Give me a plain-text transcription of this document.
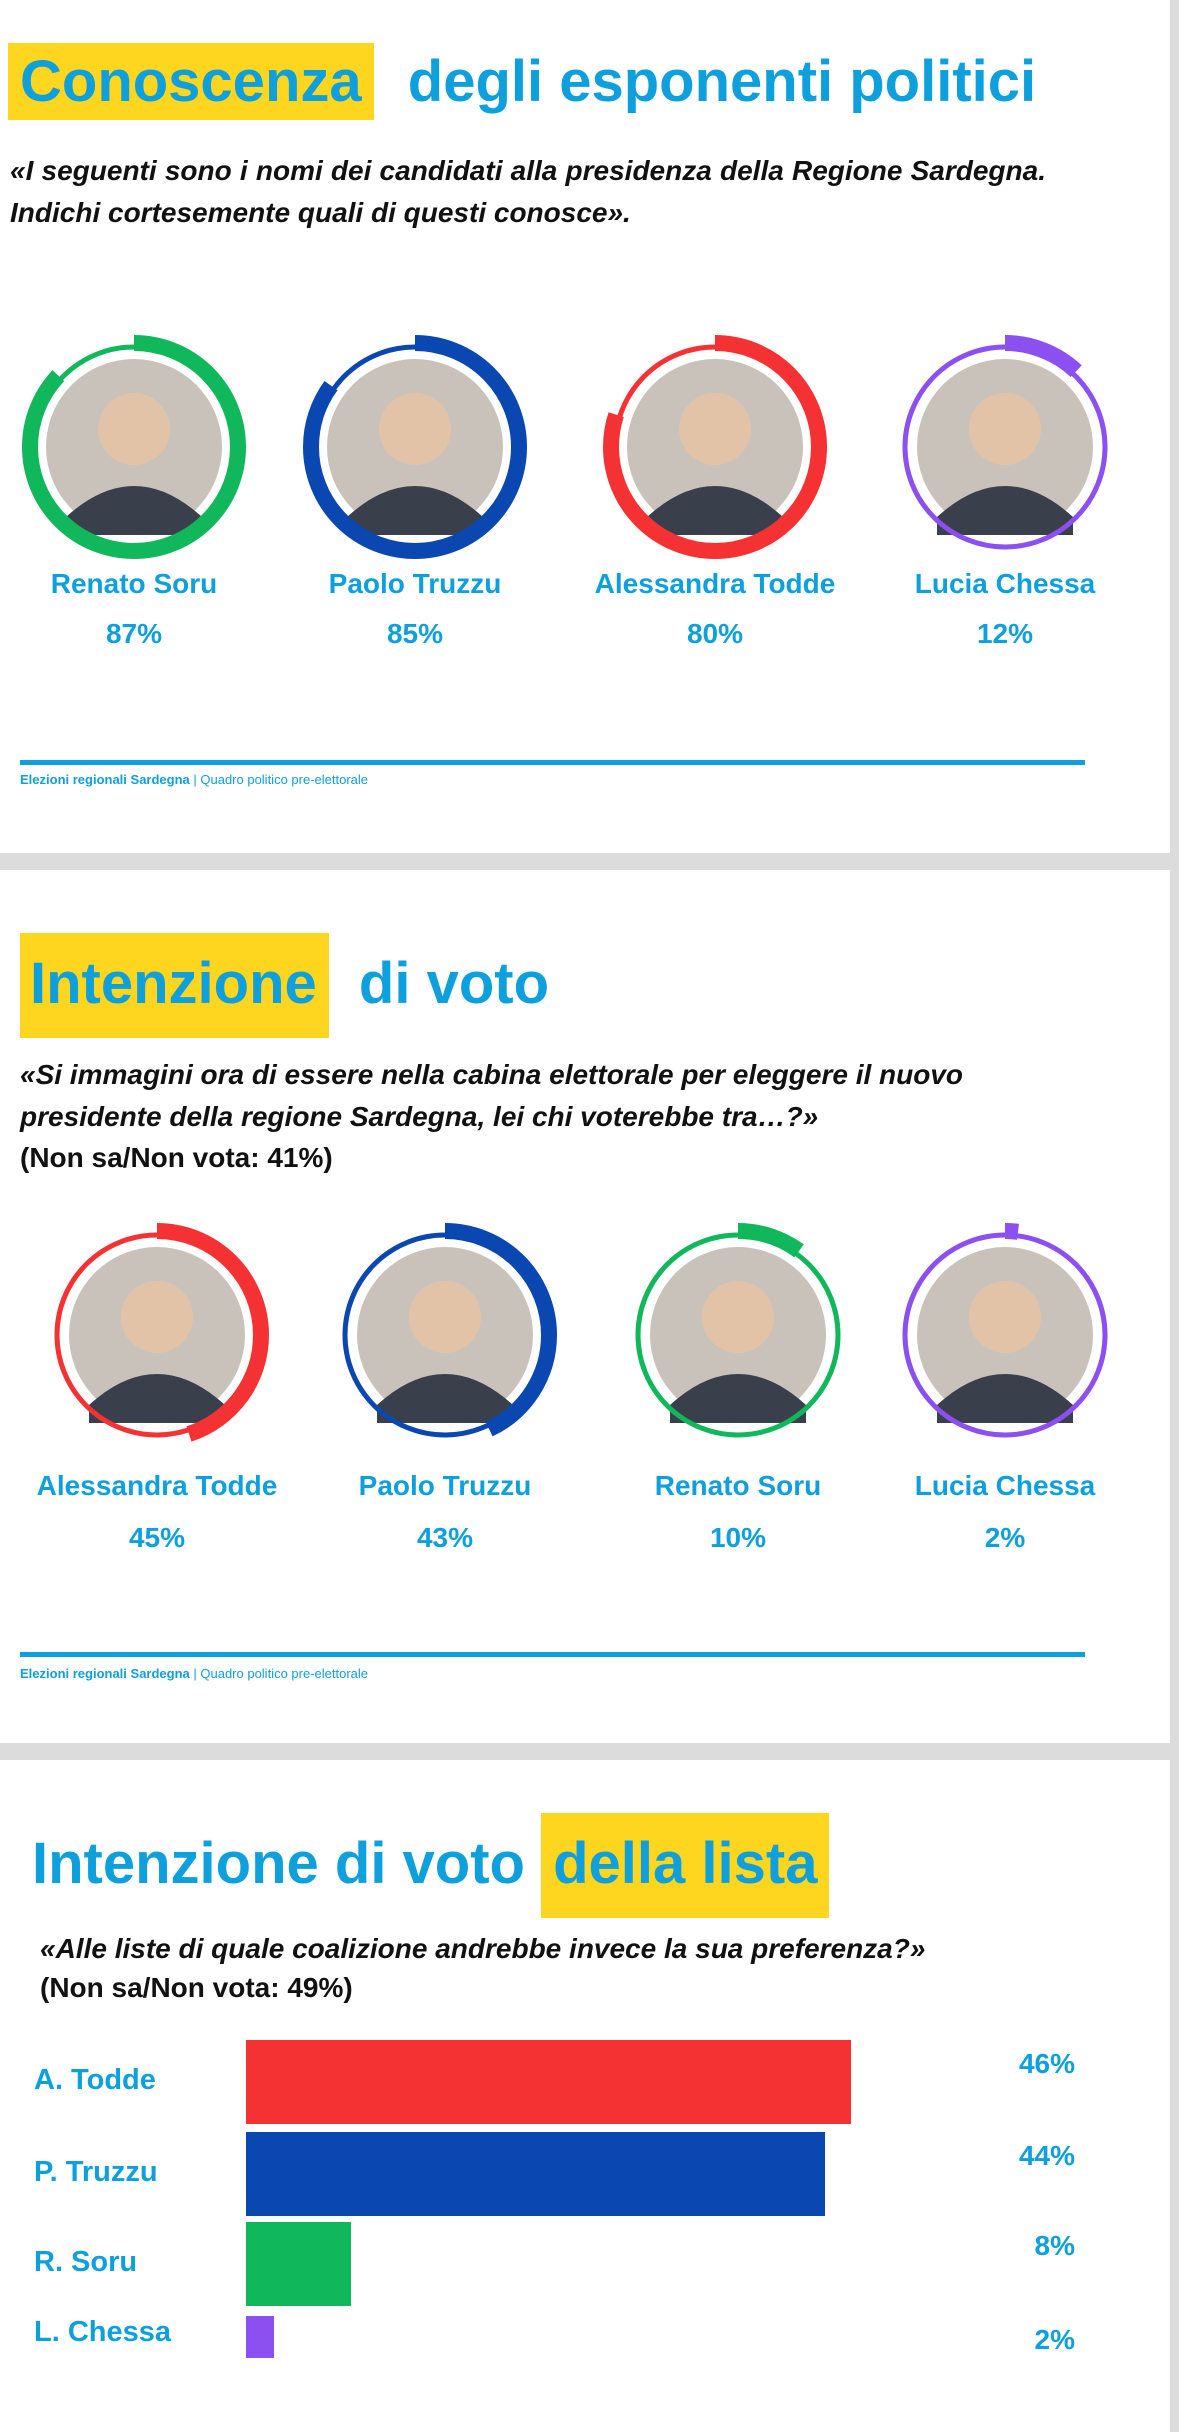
Conoscenza degli esponenti politici
«I seguenti sono i nomi dei candidati alla presidenza della Regione Sardegna. Indichi cortesemente quali di questi conosce».
Renato Soru
87%
Paolo Truzzu
85%
Alessandra Todde
80%
Lucia Chessa
12%
Elezioni regionali Sardegna | Quadro politico pre-elettorale
Intenzione di voto
«Si immagini ora di essere nella cabina elettorale per eleggere il nuovo presidente della regione Sardegna, lei chi voterebbe tra…?»
(Non sa/Non vota: 41%)
Alessandra Todde
45%
Paolo Truzzu
43%
Renato Soru
10%
Lucia Chessa
2%
Elezioni regionali Sardegna | Quadro politico pre-elettorale
Intenzione di voto della lista
«Alle liste di quale coalizione andrebbe invece la sua preferenza?»
(Non sa/Non vota: 49%)
A. Todde
46%
P. Truzzu
44%
R. Soru
8%
L. Chessa	2%
